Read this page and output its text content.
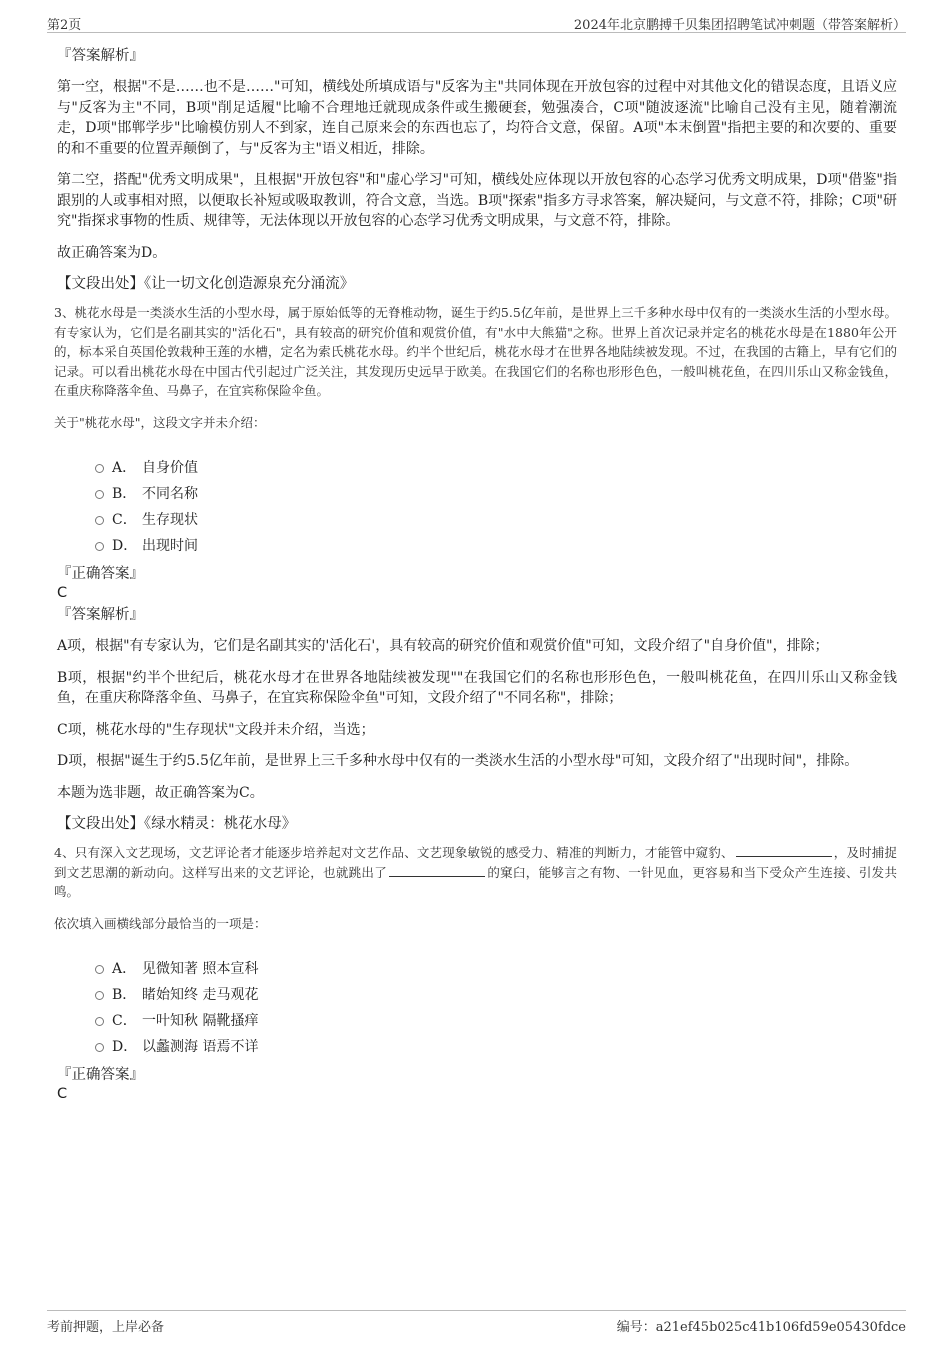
第2页	2024年北京鹏搏千贝集团招聘笔试冲刺题（带答案解析）

『答案解析』

第一空，根据"不是……也不是……"可知，横线处所填成语与"反客为主"共同体现在开放包容的过程中对其他文化的错误态度，且语义应与"反客为主"不同，B项"削足适履"比喻不合理地迁就现成条件或生搬硬套，勉强凑合，C项"随波逐流"比喻自己没有主见，随着潮流走，D项"邯郸学步"比喻模仿别人不到家，连自己原来会的东西也忘了，均符合文意，保留。A项"本末倒置"指把主要的和次要的、重要的和不重要的位置弄颠倒了，与"反客为主"语义相近，排除。

第二空，搭配"优秀文明成果"，且根据"开放包容"和"虚心学习"可知，横线处应体现以开放包容的心态学习优秀文明成果，D项"借鉴"指跟别的人或事相对照，以便取长补短或吸取教训，符合文意，当选。B项"探索"指多方寻求答案，解决疑问，与文意不符，排除；C项"研究"指探求事物的性质、规律等，无法体现以开放包容的心态学习优秀文明成果，与文意不符，排除。

故正确答案为D。

【文段出处】《让一切文化创造源泉充分涌流》

3、桃花水母是一类淡水生活的小型水母，属于原始低等的无脊椎动物，诞生于约5.5亿年前，是世界上三千多种水母中仅有的一类淡水生活的小型水母。有专家认为，它们是名副其实的"活化石"，具有较高的研究价值和观赏价值，有"水中大熊猫"之称。世界上首次记录并定名的桃花水母是在1880年公开的，标本采自英国伦敦栽种王莲的水槽，定名为索氏桃花水母。约半个世纪后，桃花水母才在世界各地陆续被发现。不过，在我国的古籍上，早有它们的记录。可以看出桃花水母在中国古代引起过广泛关注，其发现历史远早于欧美。在我国它们的名称也形形色色，一般叫桃花鱼，在四川乐山又称金钱鱼，在重庆称降落伞鱼、马鼻子，在宜宾称保险伞鱼。

关于"桃花水母"，这段文字并未介绍：

A． 自身价值
B． 不同名称
C． 生存现状
D． 出现时间

『正确答案』

C

『答案解析』

A项，根据"有专家认为，它们是名副其实的'活化石'，具有较高的研究价值和观赏价值"可知，文段介绍了"自身价值"，排除；

B项，根据"约半个世纪后，桃花水母才在世界各地陆续被发现""在我国它们的名称也形形色色，一般叫桃花鱼，在四川乐山又称金钱鱼，在重庆称降落伞鱼、马鼻子，在宜宾称保险伞鱼"可知，文段介绍了"不同名称"，排除；

C项，桃花水母的"生存现状"文段并未介绍，当选；

D项，根据"诞生于约5.5亿年前，是世界上三千多种水母中仅有的一类淡水生活的小型水母"可知，文段介绍了"出现时间"，排除。

本题为选非题，故正确答案为C。

【文段出处】《绿水精灵：桃花水母》

4、只有深入文艺现场，文艺评论者才能逐步培养起对文艺作品、文艺现象敏锐的感受力、精准的判断力，才能管中窥豹、	，及时捕捉到文艺思潮的新动向。这样写出来的文艺评论，也就跳出了	的窠臼，能够言之有物、一针见血，更容易和当下受众产生连接、引发共鸣。

依次填入画横线部分最恰当的一项是：

A． 见微知著 照本宣科
B． 睹始知终 走马观花
C． 一叶知秋 隔靴搔痒
D． 以蠡测海 语焉不详

『正确答案』

C

考前押题，上岸必备	编号：a21ef45b025c41b106fd59e05430fdce
